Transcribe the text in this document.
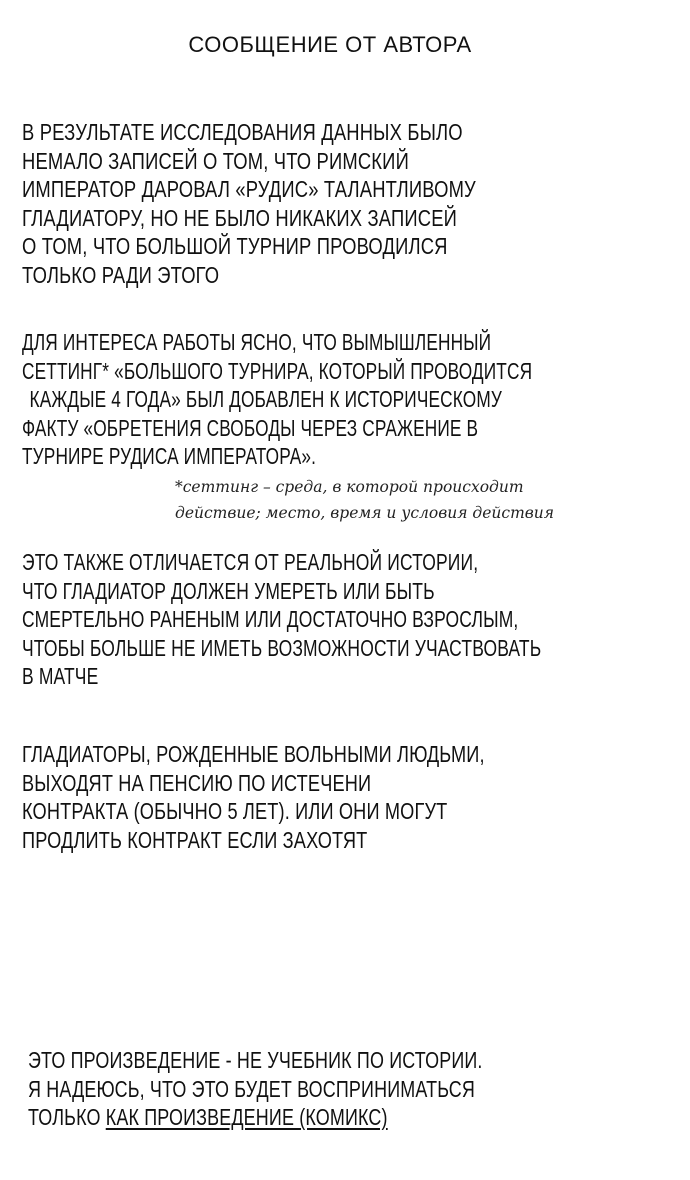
СООБЩЕНИЕ ОТ АВТОРА
В РЕЗУЛЬТАТЕ ИССЛЕДОВАНИЯ ДАННЫХ БЫЛО
НЕМАЛО ЗАПИСЕЙ О ТОМ, ЧТО РИМСКИЙ
ИМПЕРАТОР ДАРОВАЛ «РУДИС» ТАЛАНТЛИВОМУ
ГЛАДИАТОРУ, НО НЕ БЫЛО НИКАКИХ ЗАПИСЕЙ
О ТОМ, ЧТО БОЛЬШОЙ ТУРНИР ПРОВОДИЛСЯ
ТОЛЬКО РАДИ ЭТОГО
ДЛЯ ИНТЕРЕСА РАБОТЫ ЯСНО, ЧТО ВЫМЫШЛЕННЫЙ
СЕТТИНГ* «БОЛЬШОГО ТУРНИРА, КОТОРЫЙ ПРОВОДИТСЯ
КАЖДЫЕ 4 ГОДА» БЫЛ ДОБАВЛЕН К ИСТОРИЧЕСКОМУ
ФАКТУ «ОБРЕТЕНИЯ СВОБОДЫ ЧЕРЕЗ СРАЖЕНИЕ В
ТУРНИРЕ РУДИСА ИМПЕРАТОРА».
*сеттинг – среда, в которой происходит
действие; место, время и условия действия
ЭТО ТАКЖЕ ОТЛИЧАЕТСЯ ОТ РЕАЛЬНОЙ ИСТОРИИ,
ЧТО ГЛАДИАТОР ДОЛЖЕН УМЕРЕТЬ ИЛИ БЫТЬ
СМЕРТЕЛЬНО РАНЕНЫМ ИЛИ ДОСТАТОЧНО ВЗРОСЛЫМ,
ЧТОБЫ БОЛЬШЕ НЕ ИМЕТЬ ВОЗМОЖНОСТИ УЧАСТВОВАТЬ
В МАТЧЕ
ГЛАДИАТОРЫ, РОЖДЕННЫЕ ВОЛЬНЫМИ ЛЮДЬМИ,
ВЫХОДЯТ НА ПЕНСИЮ ПО ИСТЕЧЕНИ
КОНТРАКТА (ОБЫЧНО 5 ЛЕТ). ИЛИ ОНИ МОГУТ
ПРОДЛИТЬ КОНТРАКТ ЕСЛИ ЗАХОТЯТ
ЭТО ПРОИЗВЕДЕНИЕ - НЕ УЧЕБНИК ПО ИСТОРИИ.
Я НАДЕЮСЬ, ЧТО ЭТО БУДЕТ ВОСПРИНИМАТЬСЯ
ТОЛЬКО КАК ПРОИЗВЕДЕНИЕ (КОМИКС)
